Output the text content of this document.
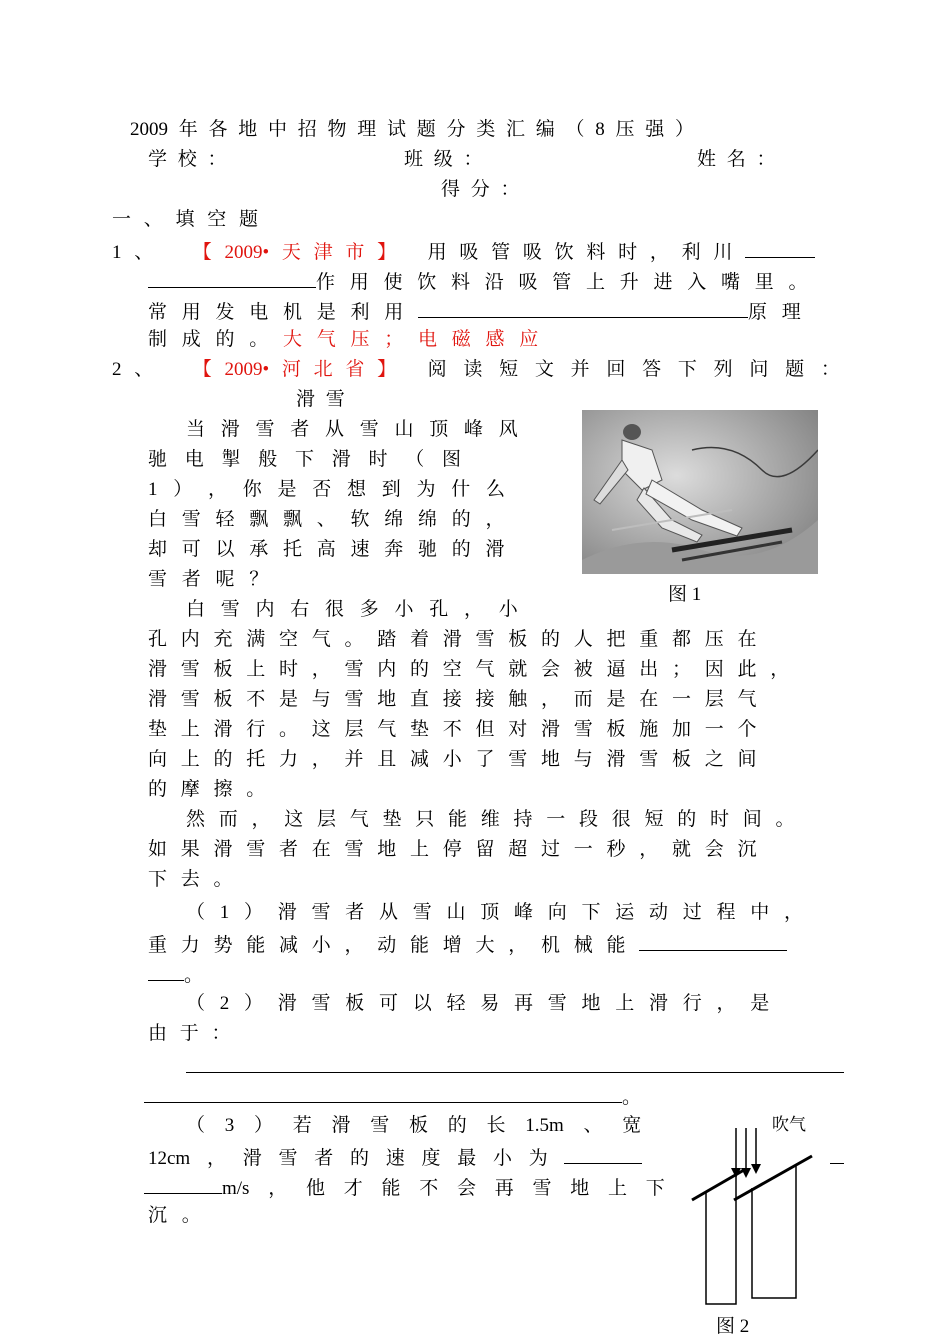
2009 年 各 地 中 招 物 理 试 题 分 类 汇 编 （ 8 压 强 ）
学 校 ：	班 级 ：	姓 名 ：
得 分 ：
一 、 填 空 题
1 、 【 2009• 天 津 市 】 用 吸 管 吸 饮 料 时 ， 利 川
作 用 使 饮 料 沿 吸 管 上 升 进 入 嘴 里 。
常 用 发 电 机 是 利 用	原 理
制 成 的 。 大 气 压 ； 电 磁 感 应
2 、 【 2009• 河 北 省 】 阅 读 短 文 并 回 答 下 列 问 题 ：
滑 雪
当 滑 雪 者 从 雪 山 顶 峰 风
驰 电 掣 般 下 滑 时 （ 图
1 ） ， 你 是 否 想 到 为 什 么
白 雪 轻 飘 飘 、 软 绵 绵 的 ，
却 可 以 承 托 高 速 奔 驰 的 滑
雪 者 呢 ？
白 雪 内 右 很 多 小 孔 ， 小
孔 内 充 满 空 气 。 踏 着 滑 雪 板 的 人 把 重 都 压 在
滑 雪 板 上 时 ， 雪 内 的 空 气 就 会 被 逼 出 ； 因 此 ，
滑 雪 板 不 是 与 雪 地 直 接 接 触 ， 而 是 在 一 层 气
垫 上 滑 行 。 这 层 气 垫 不 但 对 滑 雪 板 施 加 一 个
向 上 的 托 力 ， 并 且 减 小 了 雪 地 与 滑 雪 板 之 间
的 摩 擦 。
然 而 ， 这 层 气 垫 只 能 维 持 一 段 很 短 的 时 间 。
如 果 滑 雪 者 在 雪 地 上 停 留 超 过 一 秒 ， 就 会 沉
下 去 。
图 1
（ 1 ） 滑 雪 者 从 雪 山 顶 峰 向 下 运 动 过 程 中 ，
重 力 势 能 减 小 ， 动 能 增 大 ， 机 械 能
。
（ 2 ） 滑 雪 板 可 以 轻 易 再 雪 地 上 滑 行 ， 是
由 于 ：
。
（ 3 ） 若 滑 雪 板 的 长 1.5m 、 宽
12cm ， 滑 雪 者 的 速 度 最 小 为
m/s ， 他 才 能 不 会 再 雪 地 上 下
沉 。
吹气
图 2
